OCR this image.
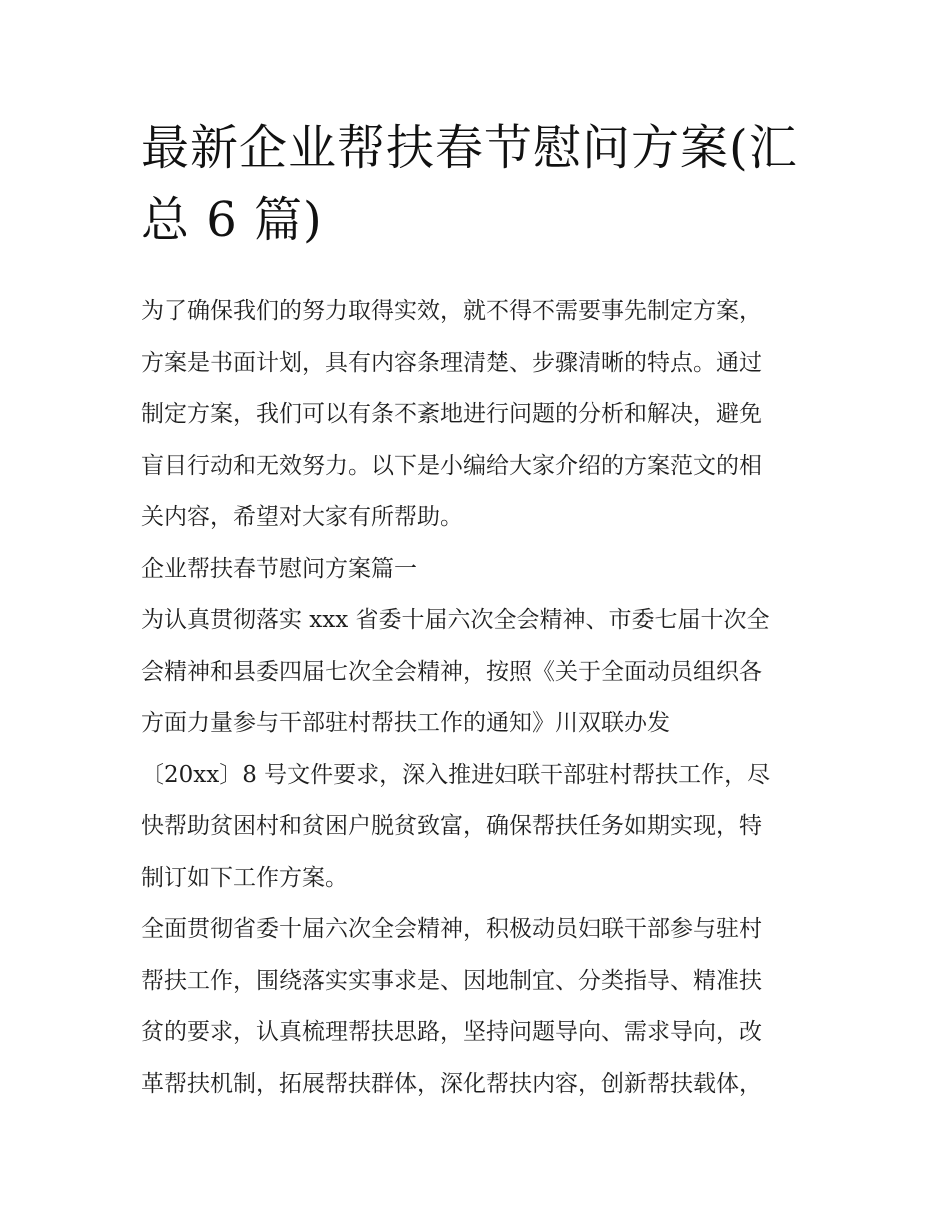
最新企业帮扶春节慰问方案(汇
总 6 篇)
为了确保我们的努力取得实效，就不得不需要事先制定方案，
方案是书面计划，具有内容条理清楚、步骤清晰的特点。通过
制定方案，我们可以有条不紊地进行问题的分析和解决，避免
盲目行动和无效努力。以下是小编给大家介绍的方案范文的相
关内容，希望对大家有所帮助。
企业帮扶春节慰问方案篇一
为认真贯彻落实 xxx 省委十届六次全会精神、市委七届十次全
会精神和县委四届七次全会精神，按照《关于全面动员组织各
方面力量参与干部驻村帮扶工作的通知》川双联办发
〔20xx〕8 号文件要求，深入推进妇联干部驻村帮扶工作，尽
快帮助贫困村和贫困户脱贫致富，确保帮扶任务如期实现，特
制订如下工作方案。
全面贯彻省委十届六次全会精神，积极动员妇联干部参与驻村
帮扶工作，围绕落实实事求是、因地制宜、分类指导、精准扶
贫的要求，认真梳理帮扶思路，坚持问题导向、需求导向，改
革帮扶机制，拓展帮扶群体，深化帮扶内容，创新帮扶载体，
